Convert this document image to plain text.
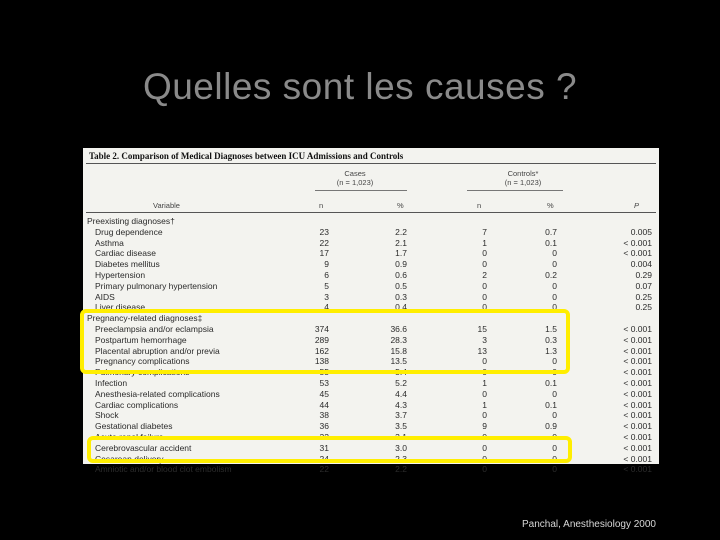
Quelles sont les causes ?
Table 2. Comparison of Medical Diagnoses between ICU Admissions and Controls
Cases
(n = 1,023)
Controls*
(n = 1,023)
Variable	n	%	n	%	P
Preexisting diagnoses†
Drug dependence	23	2.2	7	0.7	0.005
Asthma	22	2.1	1	0.1	< 0.001
Cardiac disease	17	1.7	0	0	< 0.001
Diabetes mellitus	9	0.9	0	0	0.004
Hypertension	6	0.6	2	0.2	0.29
Primary pulmonary hypertension	5	0.5	0	0	0.07
AIDS	3	0.3	0	0	0.25
Liver disease	4	0.4	0	0	0.25
Pregnancy-related diagnoses‡
Preeclampsia and/or eclampsia	374	36.6	15	1.5	< 0.001
Postpartum hemorrhage	289	28.3	3	0.3	< 0.001
Placental abruption and/or previa	162	15.8	13	1.3	< 0.001
Pregnancy complications	138	13.5	0	0	< 0.001
Pulmonary complications	55	5.4	0	0	< 0.001
Infection	53	5.2	1	0.1	< 0.001
Anesthesia-related complications	45	4.4	0	0	< 0.001
Cardiac complications	44	4.3	1	0.1	< 0.001
Shock	38	3.7	0	0	< 0.001
Gestational diabetes	36	3.5	9	0.9	< 0.001
Acute renal failure	32	3.1	0	0	< 0.001
Cerebrovascular accident	31	3.0	0	0	< 0.001
Cesarean delivery	24	2.3	0	0	< 0.001
Amniotic and/or blood clot embolism	22	2.2	0	0	< 0.001
Panchal, Anesthesiology 2000
